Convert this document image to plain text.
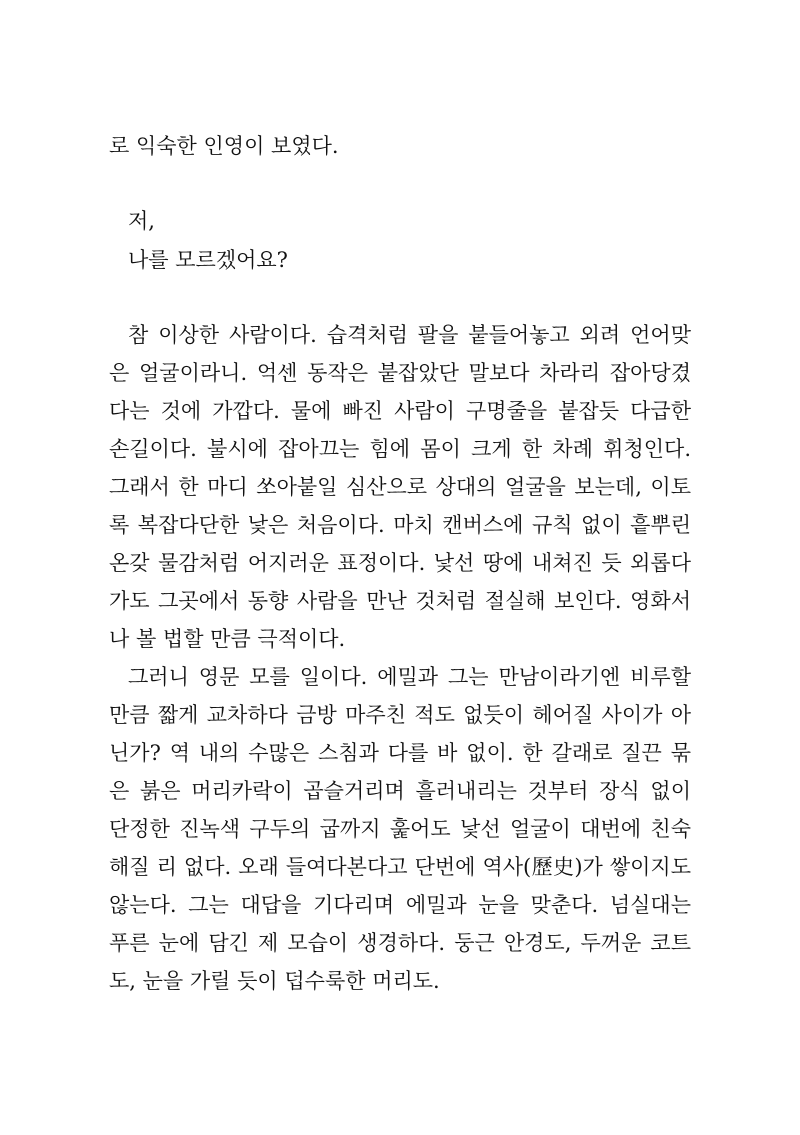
로 익숙한 인영이 보였다.
저,
나를 모르겠어요?
참 이상한 사람이다. 습격처럼 팔을 붙들어놓고 외려 언어맞
은 얼굴이라니. 억센 동작은 붙잡았단 말보다 차라리 잡아당겼
다는 것에 가깝다. 물에 빠진 사람이 구명줄을 붙잡듯 다급한
손길이다. 불시에 잡아끄는 힘에 몸이 크게 한 차례 휘청인다.
그래서 한 마디 쏘아붙일 심산으로 상대의 얼굴을 보는데, 이토
록 복잡다단한 낯은 처음이다. 마치 캔버스에 규칙 없이 흩뿌린
온갖 물감처럼 어지러운 표정이다. 낯선 땅에 내쳐진 듯 외롭다
가도 그곳에서 동향 사람을 만난 것처럼 절실해 보인다. 영화서
나 볼 법할 만큼 극적이다.
그러니 영문 모를 일이다. 에밀과 그는 만남이라기엔 비루할
만큼 짧게 교차하다 금방 마주친 적도 없듯이 헤어질 사이가 아
닌가? 역 내의 수많은 스침과 다를 바 없이. 한 갈래로 질끈 묶
은 붉은 머리카락이 곱슬거리며 흘러내리는 것부터 장식 없이
단정한 진녹색 구두의 굽까지 훑어도 낯선 얼굴이 대번에 친숙
해질 리 없다. 오래 들여다본다고 단번에 역사(歷史)가 쌓이지도
않는다. 그는 대답을 기다리며 에밀과 눈을 맞춘다. 넘실대는
푸른 눈에 담긴 제 모습이 생경하다. 둥근 안경도, 두꺼운 코트
도, 눈을 가릴 듯이 덥수룩한 머리도.
